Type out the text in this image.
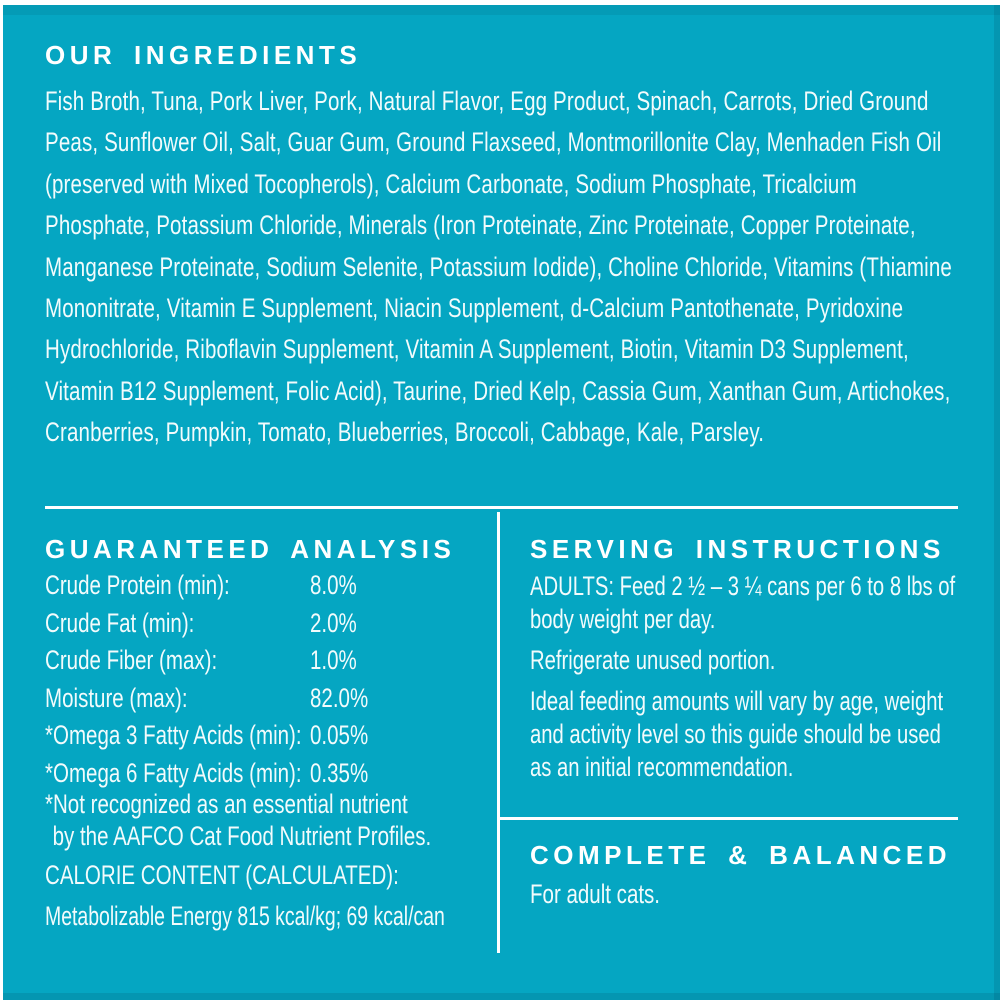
OUR INGREDIENTS
Fish Broth, Tuna, Pork Liver, Pork, Natural Flavor, Egg Product, Spinach, Carrots, Dried Ground Peas, Sunflower Oil, Salt, Guar Gum, Ground Flaxseed, Montmorillonite Clay, Menhaden Fish Oil (preserved with Mixed Tocopherols), Calcium Carbonate, Sodium Phosphate, Tricalcium Phosphate, Potassium Chloride, Minerals (Iron Proteinate, Zinc Proteinate, Copper Proteinate, Manganese Proteinate, Sodium Selenite, Potassium Iodide), Choline Chloride, Vitamins (Thiamine Mononitrate, Vitamin E Supplement, Niacin Supplement, d-Calcium Pantothenate, Pyridoxine Hydrochloride, Riboflavin Supplement, Vitamin A Supplement, Biotin, Vitamin D3 Supplement, Vitamin B12 Supplement, Folic Acid), Taurine, Dried Kelp, Cassia Gum, Xanthan Gum, Artichokes, Cranberries, Pumpkin, Tomato, Blueberries, Broccoli, Cabbage, Kale, Parsley.
GUARANTEED ANALYSIS
Crude Protein (min):	8.0%
Crude Fat (min):	2.0%
Crude Fiber (max):	1.0%
Moisture (max):	82.0%
*Omega 3 Fatty Acids (min): 0.05%
*Omega 6 Fatty Acids (min): 0.35%
*Not recognized as an essential nutrient
by the AAFCO Cat Food Nutrient Profiles.
CALORIE CONTENT (CALCULATED):
Metabolizable Energy 815 kcal/kg; 69 kcal/can
SERVING INSTRUCTIONS

ADULTS: Feed 2 ½ – 3 ¼ cans per 6 to 8 lbs of body weight per day.

Refrigerate unused portion.

Ideal feeding amounts will vary by age, weight and activity level so this guide should be used as an initial recommendation.

COMPLETE & BALANCED
For adult cats.
